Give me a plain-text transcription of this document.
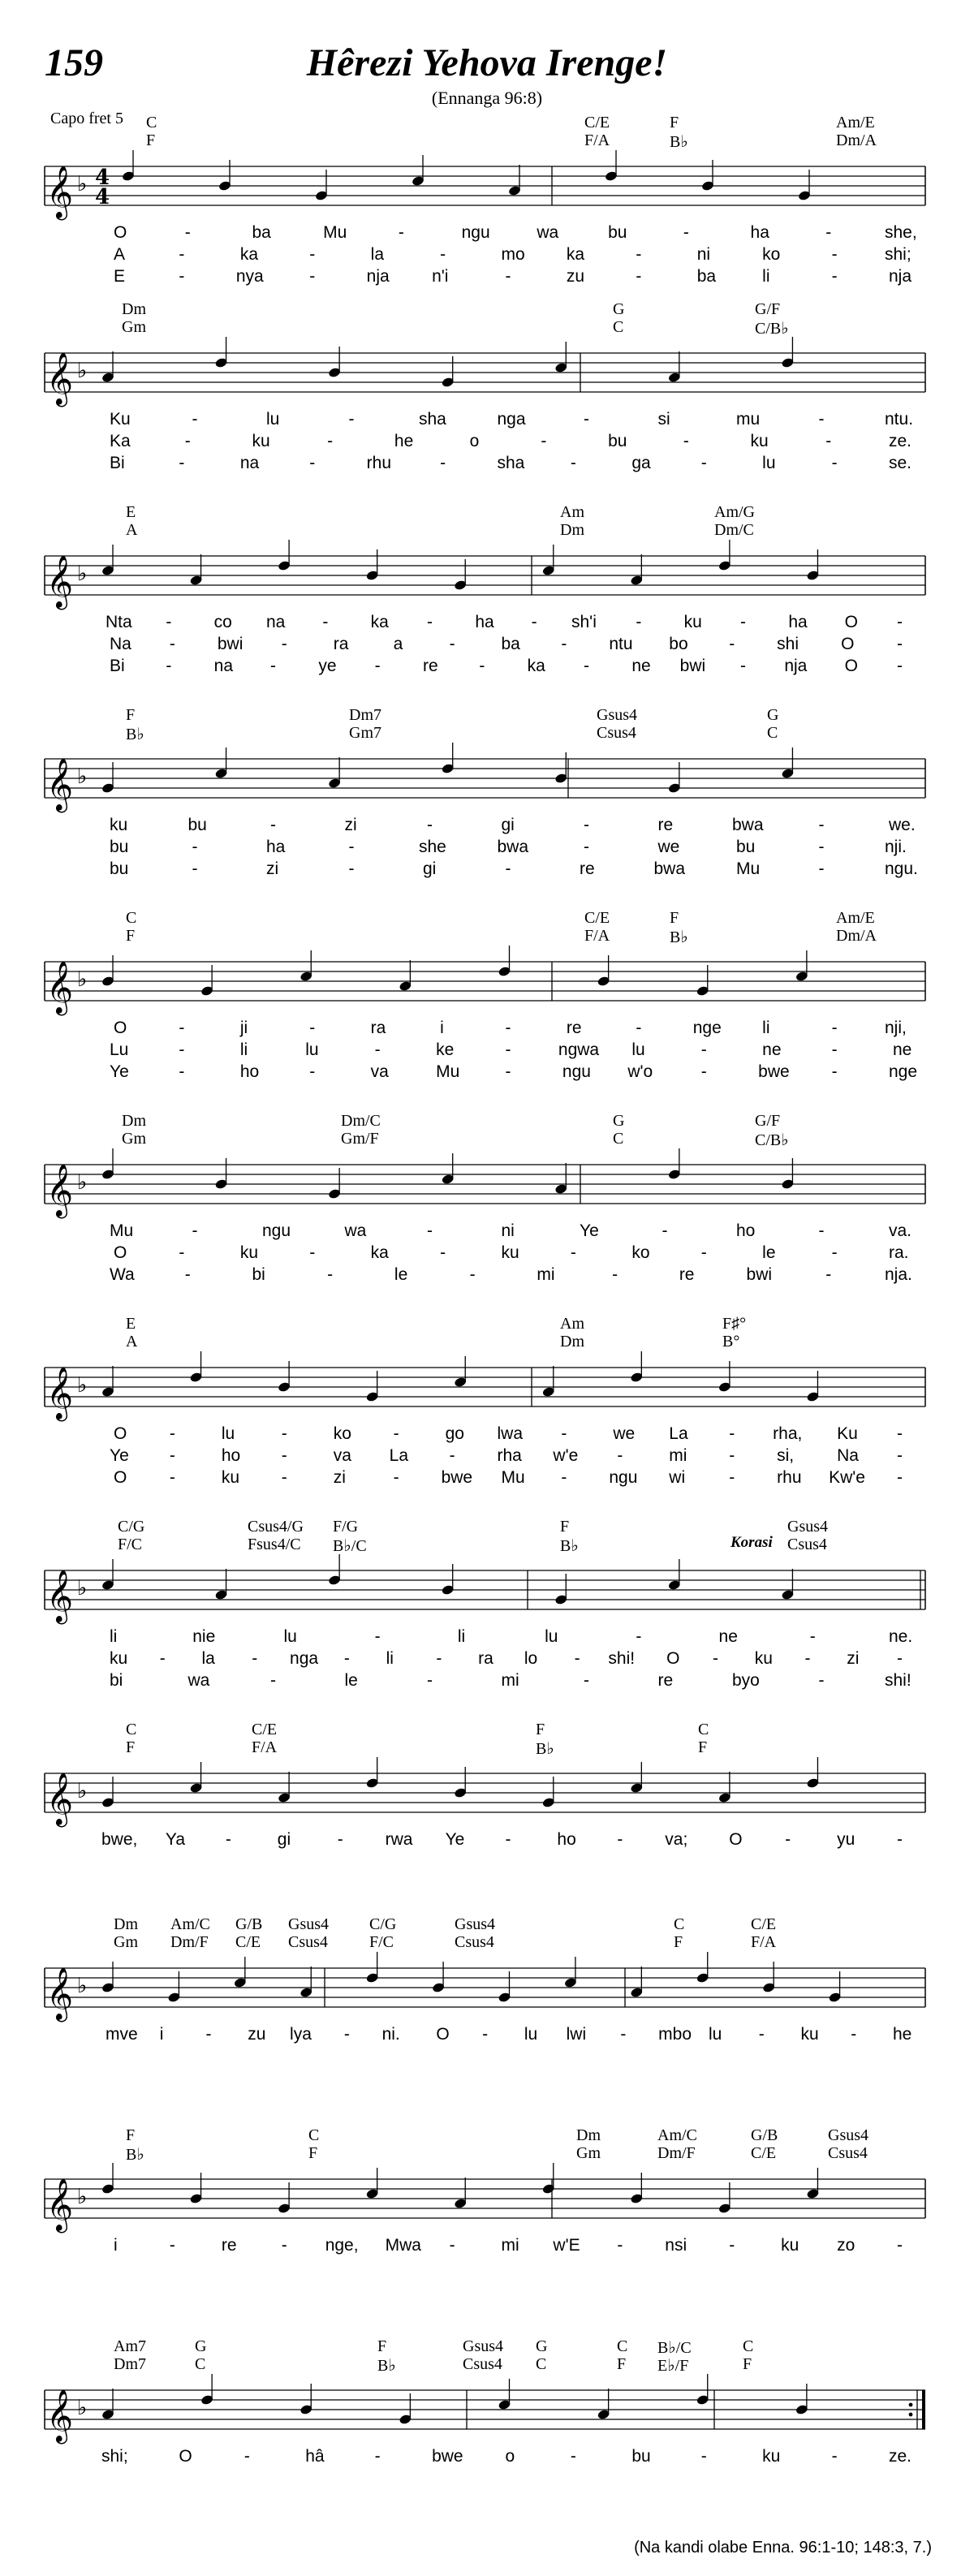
159	Hêrezi Yehova Irenge!
(Ennanga 96:8)
Capo fret 5 C
F
C/E
F/A
F
B♭
Am/E
Dm/A
𝄞 ♭ 4
4
O	-	ba	Mu	-	ngu	wa	bu	-	ha	-	she,
A	-	ka	-	la	-	mo ka	-	ni	ko	-	shi;
E	-	nya	-	nja n'i	-	zu	-	ba	li	-	nja
Dm
Gm
G
C
G/F
C/B♭
𝄞 ♭
Ku	-	lu	-	sha	nga	-	si	mu	-	ntu.
Ka	-	ku	-	he	o	-	bu	-	ku	-	ze.
Bi	-	na	-	rhu	-	sha	-	ga	-	lu	-	se.
E
A
Am
Dm
Am/G
Dm/C
𝄞 ♭
Nta - co na - ka - ha - sh'i - ku - ha O -
Na - bwi -	ra	a	-	ba - ntu bo - shi O	-
Bi - na - ye - re - ka - ne bwi - nja O -
F
B♭
Dm7
Gm7
Gsus4
Csus4
G
C
𝄞 ♭
ku	bu	-	zi	-	gi	-	re	bwa	-	we.
bu	-	ha	-	she	bwa	-	we	bu	-	nji.
bu	-	zi	-	gi	-	re	bwa	Mu	-	ngu.
C
F
C/E
F/A
F
B♭
Am/E
Dm/A
𝄞 ♭
O	-	ji	-	ra	i	-	re	-	nge li	-	nji,
Lu	-	li	lu	-	ke	-	ngwa lu	-	ne	-	ne
Ye	-	ho	-	va	Mu	-	ngu w'o	-	bwe -	nge
Dm
Gm
Dm/C
Gm/F
G
C
G/F
C/B♭
𝄞 ♭
Mu	-	ngu	wa	-	ni	Ye	-	ho	-	va.
O	-	ku	-	ka	-	ku	-	ko	-	le	-	ra.
Wa	-	bi	-	le	-	mi	-	re	bwi	-	nja.
E
A
Am
Dm
F♯°
B°
𝄞 ♭
O	-	lu	-	ko -	go lwa -	we La - rha, Ku -
Ye -	ho -	va La - rha w'e -	mi - si,	Na -
O	-	ku -	zi	- bwe Mu - ngu wi	- rhu Kw'e -
C/G
F/C
Csus4/G
Fsus4/C
F/G
B♭/C
F
B♭
Gsus4
Csus4
Korasi
𝄞 ♭
li	nie	lu	-	li	lu	-	ne	-	ne.
ku - la - nga - li - ra lo - shi! O - ku - zi -
bi	wa	-	le	-	mi	-	re	byo	-	shi!
C
F
C/E
F/A
F
B♭
C
F
𝄞 ♭
bwe, Ya -	gi	- rwa Ye -	ho - va; O	-	yu -
Dm
Gm
Am/C
Dm/F
G/B
C/E
Gsus4
Csus4
C/G
F/C
Gsus4
Csus4
C
F
C/E
F/A
𝄞 ♭
mve i - zu lya - ni. O - lu lwi - mbo lu - ku - he
F
B♭
C
F
Dm
Gm
Am/C
Dm/F
G/B
C/E
Gsus4
Csus4
𝄞 ♭
i	-	re	- nge, Mwa -	mi w'E - nsi -	ku zo -
Am7
Dm7
G
C
F
B♭
Gsus4
Csus4
G
C
C
F
B♭/C
E♭/F
C
F
𝄞 ♭
shi;	O	-	hâ	-	bwe o	-	bu	-	ku	-	ze.
(Na kandi olabe Enna. 96:1-10; 148:3, 7.)
